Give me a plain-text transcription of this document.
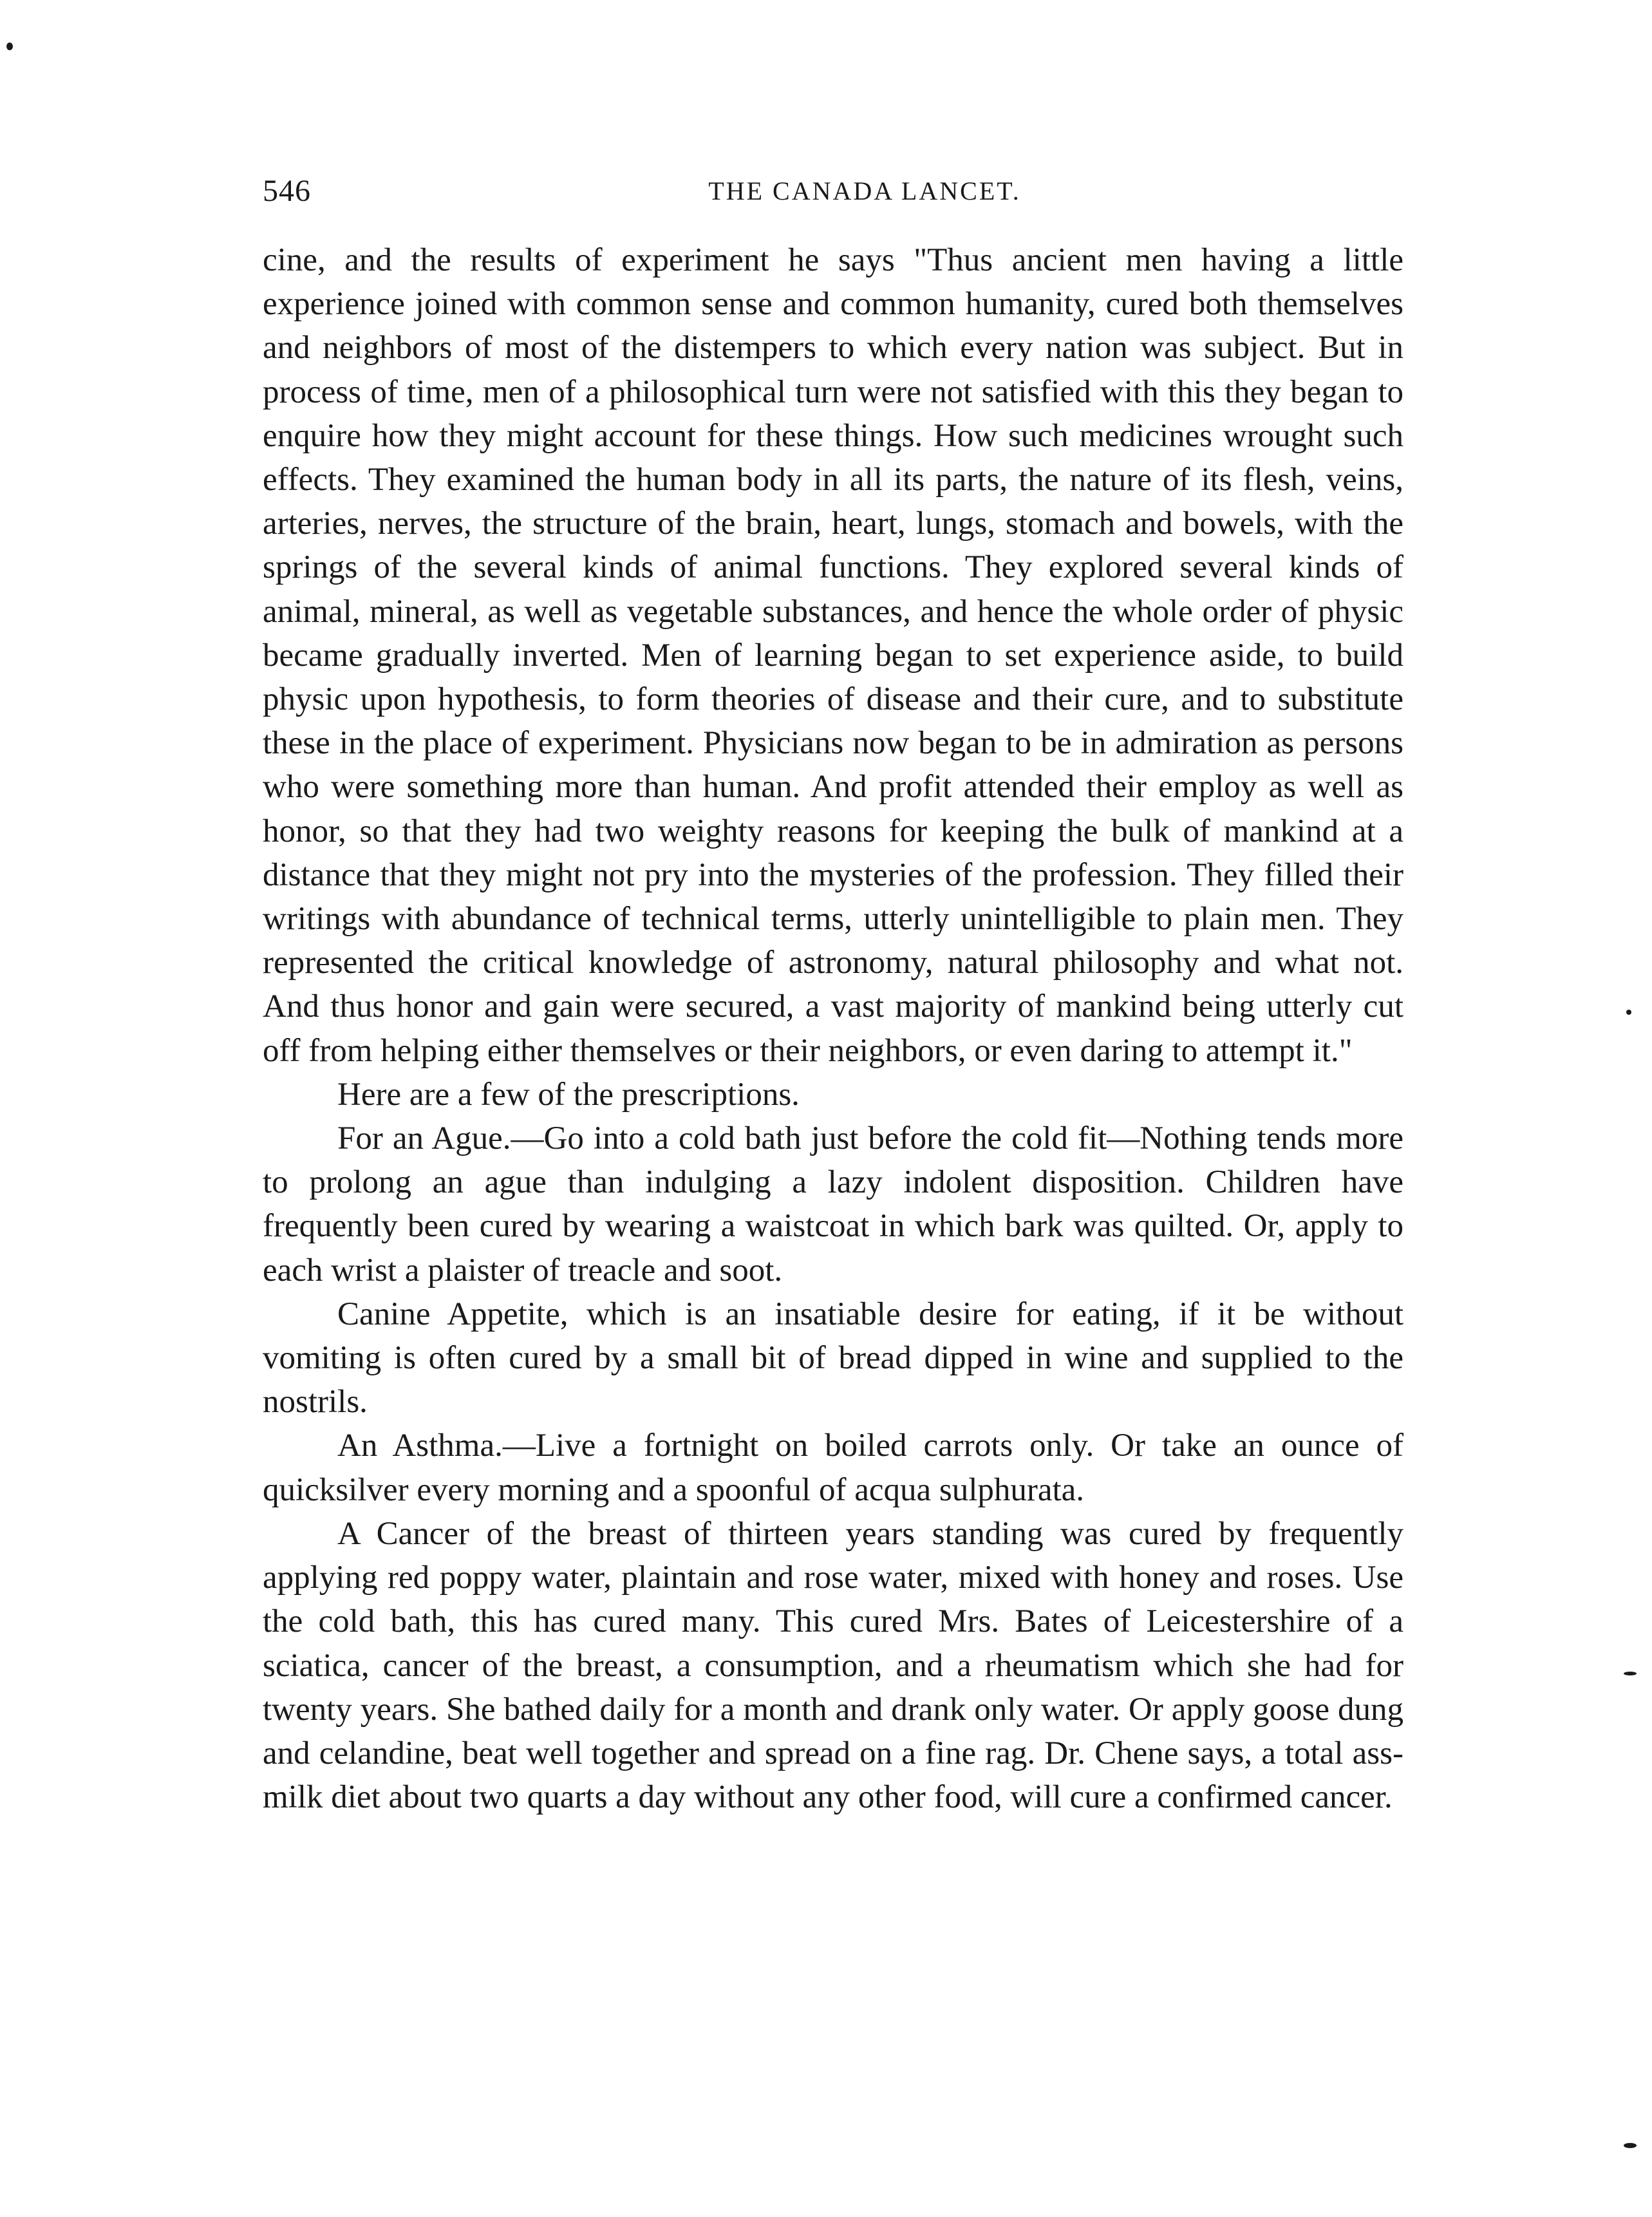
546	THE CANADA LANCET.

cine, and the results of experiment he says "Thus ancient men having a little experience joined with common sense and common humanity, cured both themselves and neighbors of most of the distempers to which every nation was subject. But in process of time, men of a philosophical turn were not satisfied with this they began to enquire how they might account for these things. How such medicines wrought such effects. They examined the human body in all its parts, the nature of its flesh, veins, arteries, nerves, the structure of the brain, heart, lungs, stomach and bowels, with the springs of the several kinds of animal functions. They explored several kinds of animal, mineral, as well as vegetable substances, and hence the whole order of physic became gradually inverted. Men of learning began to set experience aside, to build physic upon hypothesis, to form theories of disease and their cure, and to substitute these in the place of experiment. Physicians now began to be in admiration as persons who were something more than human. And profit attended their employ as well as honor, so that they had two weighty reasons for keeping the bulk of mankind at a distance that they might not pry into the mysteries of the profession. They filled their writings with abundance of technical terms, utterly unintelligible to plain men. They represented the critical knowledge of astronomy, natural philosophy and what not. And thus honor and gain were secured, a vast majority of mankind being utterly cut off from helping either themselves or their neighbors, or even daring to attempt it."

Here are a few of the prescriptions.

For an Ague.—Go into a cold bath just before the cold fit—Nothing tends more to prolong an ague than indulging a lazy indolent disposition. Children have frequently been cured by wearing a waistcoat in which bark was quilted. Or, apply to each wrist a plaister of treacle and soot.

Canine Appetite, which is an insatiable desire for eating, if it be without vomiting is often cured by a small bit of bread dipped in wine and supplied to the nostrils.

An Asthma.—Live a fortnight on boiled carrots only. Or take an ounce of quicksilver every morning and a spoonful of acqua sulphurata.

A Cancer of the breast of thirteen years standing was cured by frequently applying red poppy water, plaintain and rose water, mixed with honey and roses. Use the cold bath, this has cured many. This cured Mrs. Bates of Leicestershire of a sciatica, cancer of the breast, a consumption, and a rheumatism which she had for twenty years. She bathed daily for a month and drank only water. Or apply goose dung and celandine, beat well together and spread on a fine rag. Dr. Chene says, a total ass-milk diet about two quarts a day without any other food, will cure a confirmed cancer.
